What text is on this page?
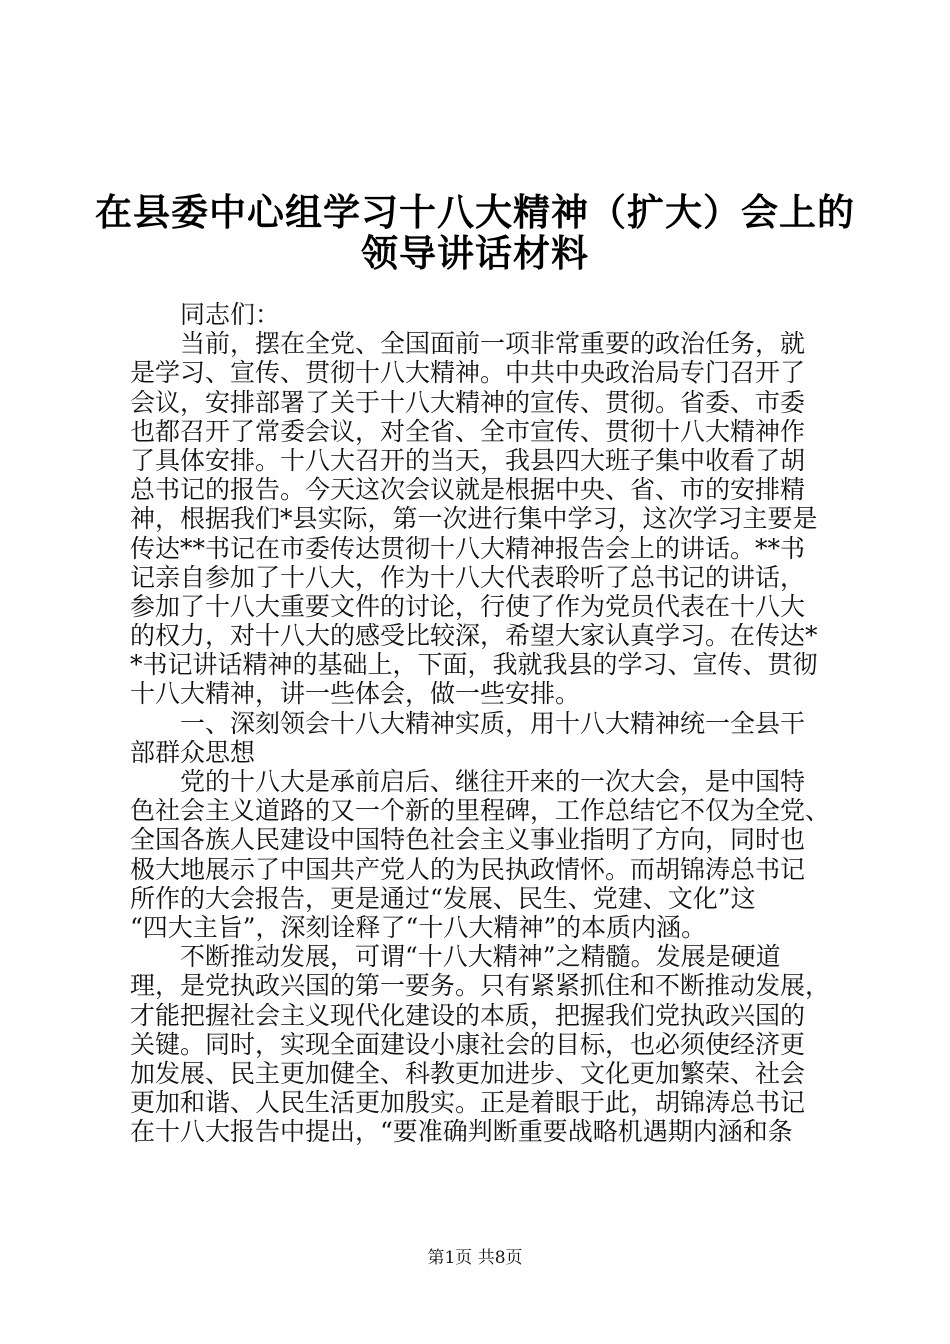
在县委中心组学习十八大精神（扩大）会上的
领导讲话材料
同志们：
当前，摆在全党、全国面前一项非常重要的政治任务，就
是学习、宣传、贯彻十八大精神。中共中央政治局专门召开了
会议，安排部署了关于十八大精神的宣传、贯彻。省委、市委
也都召开了常委会议，对全省、全市宣传、贯彻十八大精神作
了具体安排。十八大召开的当天，我县四大班子集中收看了胡
总书记的报告。今天这次会议就是根据中央、省、市的安排精
神，根据我们*县实际，第一次进行集中学习，这次学习主要是
传达**书记在市委传达贯彻十八大精神报告会上的讲话。**书
记亲自参加了十八大，作为十八大代表聆听了总书记的讲话，
参加了十八大重要文件的讨论，行使了作为党员代表在十八大
的权力，对十八大的感受比较深，希望大家认真学习。在传达*
*书记讲话精神的基础上，下面，我就我县的学习、宣传、贯彻
十八大精神，讲一些体会，做一些安排。
一、深刻领会十八大精神实质，用十八大精神统一全县干
部群众思想
党的十八大是承前启后、继往开来的一次大会，是中国特
色社会主义道路的又一个新的里程碑，工作总结它不仅为全党、
全国各族人民建设中国特色社会主义事业指明了方向，同时也
极大地展示了中国共产党人的为民执政情怀。而胡锦涛总书记
所作的大会报告，更是通过“发展、民生、党建、文化”这
“四大主旨”，深刻诠释了“十八大精神”的本质内涵。
不断推动发展，可谓“十八大精神”之精髓。发展是硬道
理，是党执政兴国的第一要务。只有紧紧抓住和不断推动发展，
才能把握社会主义现代化建设的本质，把握我们党执政兴国的
关键。同时，实现全面建设小康社会的目标，也必须使经济更
加发展、民主更加健全、科教更加进步、文化更加繁荣、社会
更加和谐、人民生活更加殷实。正是着眼于此，胡锦涛总书记
在十八大报告中提出，“要准确判断重要战略机遇期内涵和条
第1页 共8页
